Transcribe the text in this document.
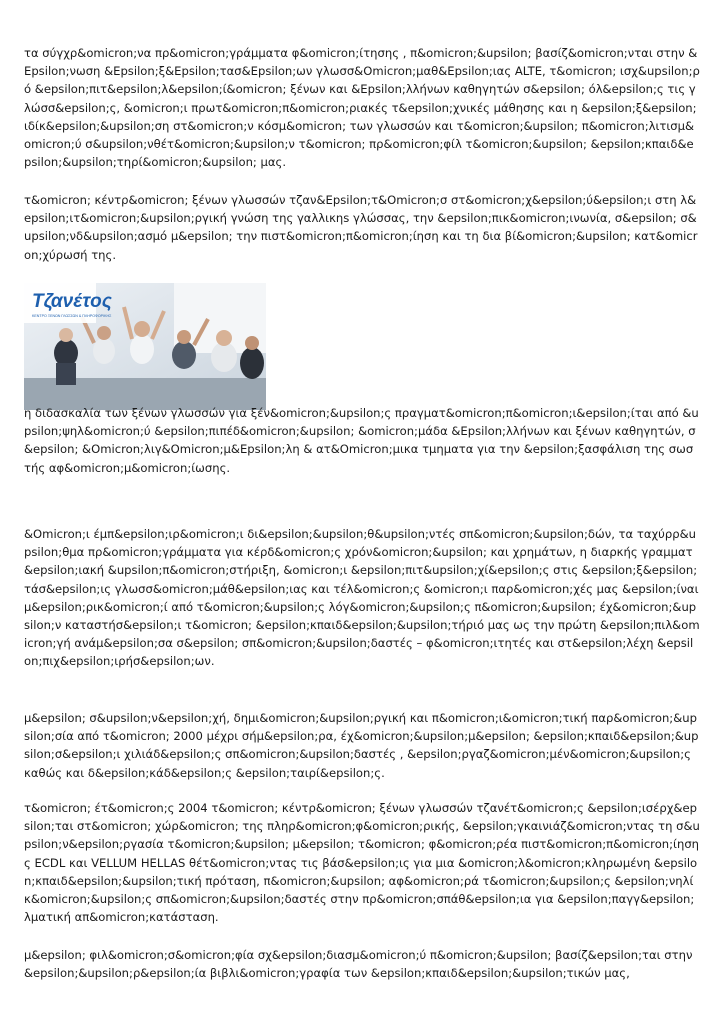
τα σύγχρ&omicron;να πρ&omicron;γράμματα φ&omicron;ίτησης , π&omicron;&upsilon; βασίζ&omicron;νται στην &Epsilon;νωση &Epsilon;ξ&Epsilon;τασ&Epsilon;ων γλωσσ&Omicron;μαθ&Epsilon;ιας ALTE, τ&omicron; ισχ&upsilon;ρό &epsilon;πιτ&epsilon;λ&epsilon;ί&omicron; ξένων και &Epsilon;λλήνων καθηγητών σ&epsilon; όλ&epsilon;ς τις γλώσσ&epsilon;ς, &omicron;ι πρωτ&omicron;π&omicron;ριακές τ&epsilon;χνικές μάθησης και η &epsilon;ξ&epsilon;ιδίκ&epsilon;&upsilon;ση στ&omicron;ν κόσμ&omicron; των γλωσσών και τ&omicron;&upsilon; π&omicron;λιτισμ&omicron;ύ σ&upsilon;νθέτ&omicron;&upsilon;ν τ&omicron; πρ&omicron;φίλ τ&omicron;&upsilon; &epsilon;κπαιδ&epsilon;&upsilon;τηρί&omicron;&upsilon; μας.

τ&omicron; κέντρ&omicron; ξένων γλωσσών τζαν&Epsilon;τ&Omicron;σ στ&omicron;χ&epsilon;ύ&epsilon;ι στη λ&epsilon;ιτ&omicron;&upsilon;ργική γνώση της γαλλικηs γλώσσας, την &epsilon;πικ&omicron;ινωνία, σ&epsilon; σ&upsilon;νδ&upsilon;ασμό μ&epsilon; την πιστ&omicron;π&omicron;ίηση και τη δια βί&omicron;&upsilon; κατ&omicron;χύρωσή της.

Τζανέτος
ΚΕΝΤΡΟ ΞΕΝΩΝ ΓΛΩΣΣΩΝ & ΠΛΗΡΟΦΟΡΙΚΗΣ

η διδασκαλία των ξένων γλωσσών για ξέν&omicron;&upsilon;ς πραγματ&omicron;π&omicron;ι&epsilon;ίται από &upsilon;ψηλ&omicron;ύ &epsilon;πιπέδ&omicron;&upsilon; &omicron;μάδα &Epsilon;λλήνων και ξένων καθηγητών, σ&epsilon; &Omicron;λιγ&Omicron;μ&Epsilon;λη & ατ&Omicron;μικα τμηματα για την &epsilon;ξασφάλιση της σωστής αφ&omicron;μ&omicron;ίωσης.

&Omicron;ι έμπ&epsilon;ιρ&omicron;ι δι&epsilon;&upsilon;θ&upsilon;ντές σπ&omicron;&upsilon;δών, τα ταχύρρ&upsilon;θμα πρ&omicron;γράμματα για κέρδ&omicron;ς χρόν&omicron;&upsilon; και χρημάτων, η διαρκής γραμματ&epsilon;ιακή &upsilon;π&omicron;στήριξη, &omicron;ι &epsilon;πιτ&upsilon;χί&epsilon;ς στις &epsilon;ξ&epsilon;τάσ&epsilon;ις γλωσσ&omicron;μάθ&epsilon;ιας και τέλ&omicron;ς &omicron;ι παρ&omicron;χές μας &epsilon;ίναι μ&epsilon;ρικ&omicron;ί από τ&omicron;&upsilon;ς λόγ&omicron;&upsilon;ς π&omicron;&upsilon; έχ&omicron;&upsilon;ν καταστήσ&epsilon;ι τ&omicron; &epsilon;κπαιδ&epsilon;&upsilon;τήριό μας ως την πρώτη &epsilon;πιλ&omicron;γή ανάμ&epsilon;σα σ&epsilon; σπ&omicron;&upsilon;δαστές – φ&omicron;ιτητές και στ&epsilon;λέχη &epsilon;πιχ&epsilon;ιρήσ&epsilon;ων.

μ&epsilon; σ&upsilon;ν&epsilon;χή, δημι&omicron;&upsilon;ργική και π&omicron;ι&omicron;τική παρ&omicron;&upsilon;σία από τ&omicron; 2000 μέχρι σήμ&epsilon;ρα, έχ&omicron;&upsilon;μ&epsilon; &epsilon;κπαιδ&epsilon;&upsilon;σ&epsilon;ι χιλιάδ&epsilon;ς σπ&omicron;&upsilon;δαστές , &epsilon;ργαζ&omicron;μέν&omicron;&upsilon;ς καθώς και δ&epsilon;κάδ&epsilon;ς &epsilon;ταιρί&epsilon;ς.

τ&omicron; έτ&omicron;ς 2004 τ&omicron; κέντρ&omicron; ξένων γλωσσών τζανέτ&omicron;ς &epsilon;ισέρχ&epsilon;ται στ&omicron; χώρ&omicron; της πληρ&omicron;φ&omicron;ρικής, &epsilon;γκαινιάζ&omicron;ντας τη σ&upsilon;ν&epsilon;ργασία τ&omicron;&upsilon; μ&epsilon; τ&omicron; φ&omicron;ρέα πιστ&omicron;π&omicron;ίησης ECDL και VELLUM HELLAS θέτ&omicron;ντας τις βάσ&epsilon;ις για μια &omicron;λ&omicron;κληρωμένη &epsilon;κπαιδ&epsilon;&upsilon;τική πρόταση, π&omicron;&upsilon; αφ&omicron;ρά τ&omicron;&upsilon;ς &epsilon;νηλίκ&omicron;&upsilon;ς σπ&omicron;&upsilon;δαστές στην πρ&omicron;σπάθ&epsilon;ια για &epsilon;παγγ&epsilon;λματική απ&omicron;κατάσταση.

μ&epsilon; φιλ&omicron;σ&omicron;φία σχ&epsilon;διασμ&omicron;ύ π&omicron;&upsilon; βασίζ&epsilon;ται στην &epsilon;&upsilon;ρ&epsilon;ία βιβλι&omicron;γραφία των &epsilon;κπαιδ&epsilon;&upsilon;τικών μας,
